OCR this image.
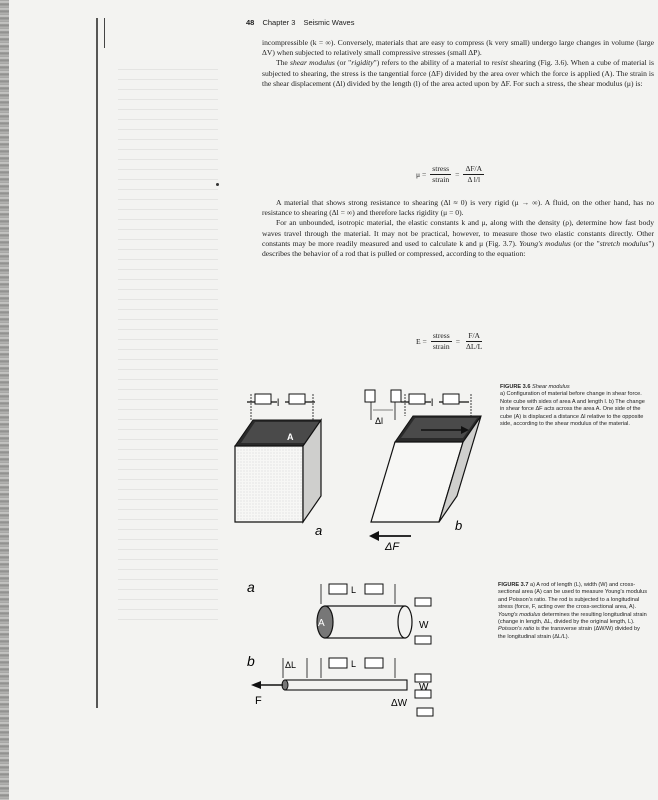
48 Chapter 3 Seismic Waves

incompressible (k = ∞). Conversely, materials that are easy to compress (k very small) undergo large changes in volume (large ΔV) when subjected to relatively small compressive stresses (small ΔP).

The shear modulus (or "rigidity") refers to the ability of a material to resist shearing (Fig. 3.6). When a cube of material is subjected to shearing, the stress is the tangential force (ΔF) divided by the area over which the force is applied (A). The strain is the shear displacement (Δl) divided by the length (l) of the area acted upon by ΔF. For such a stress, the shear modulus (μ) is:

$\mu = \frac{\text{stress}}{\text{strain}} = \frac{\Delta F/A}{\text{Δ l/l}}$

A material that shows strong resistance to shearing (Δl ≈ 0) is very rigid (μ → ∞). A fluid, on the other hand, has no resistance to shearing (Δl = ∞) and therefore lacks rigidity (μ = 0).

For an unbounded, isotropic material, the elastic constants k and μ, along with the density (ρ), determine how fast body waves travel through the material. It may not be practical, however, to measure those two elastic constants directly. Other constants may be more readily measured and used to calculate k and μ (Fig. 3.7). Young's modulus (or the "stretch modulus") describes the behavior of a rod that is pulled or compressed, according to the equation:

$E = \frac{\text{stress}}{\text{strain}} = \frac{F/A}{\Delta L/L}$
l
A
a
l
Δl
ΔF
b
FIGURE 3.6 Shear modulus
a) Configuration of material before change in shear force. Note cube with sides of area A and length l. b) The change in shear force ΔF acts across the area A. One side of the cube (A) is displaced a distance Δl relative to the opposite side, according to the shear modulus of the material.
a	L
A	W
b	ΔL	L
F
W
ΔW
FIGURE 3.7 a) A rod of length (L), width (W) and cross-sectional area (A) can be used to measure Young's modulus and Poisson's ratio. The rod is subjected to a longitudinal stress (force, F, acting over the cross-sectional area, A). Young's modulus determines the resulting longitudinal strain (change in length, ΔL, divided by the original length, L). Poisson's ratio is the transverse strain (ΔW/W) divided by the longitudinal strain (ΔL/L).
